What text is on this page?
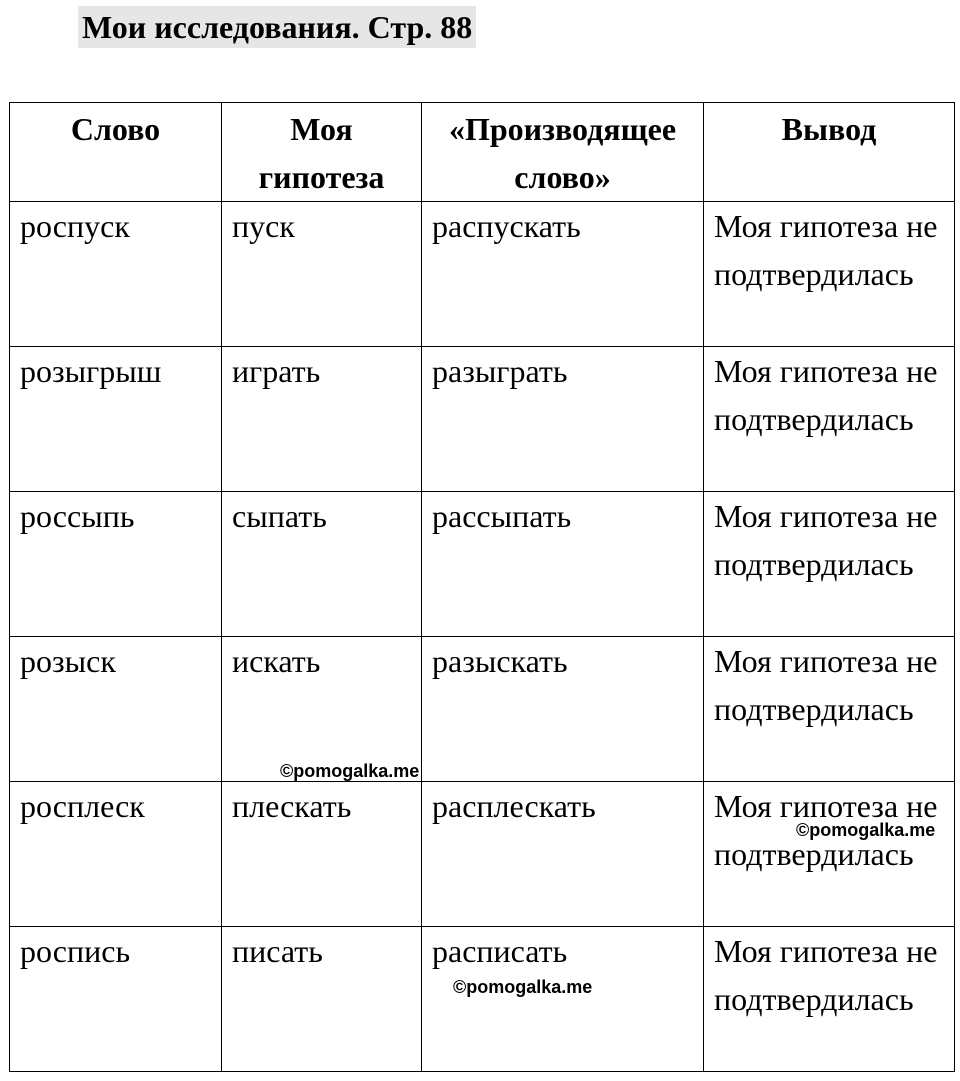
Мои исследования. Стр. 88
Слово	Моя гипотеза	«Производящее слово»	Вывод
роспуск	пуск	распускать	Моя гипотеза не подтвердилась
розыгрыш	играть	разыграть	Моя гипотеза не подтвердилась
россыпь	сыпать	рассыпать	Моя гипотеза не подтвердилась
розыск	искать	разыскать	Моя гипотеза не подтвердилась
росплеск	плескать	расплескать	Моя гипотеза не подтвердилась
роспись	писать	расписать	Моя гипотеза не подтвердилась
©pomogalka.me
©pomogalka.me
©pomogalka.me
